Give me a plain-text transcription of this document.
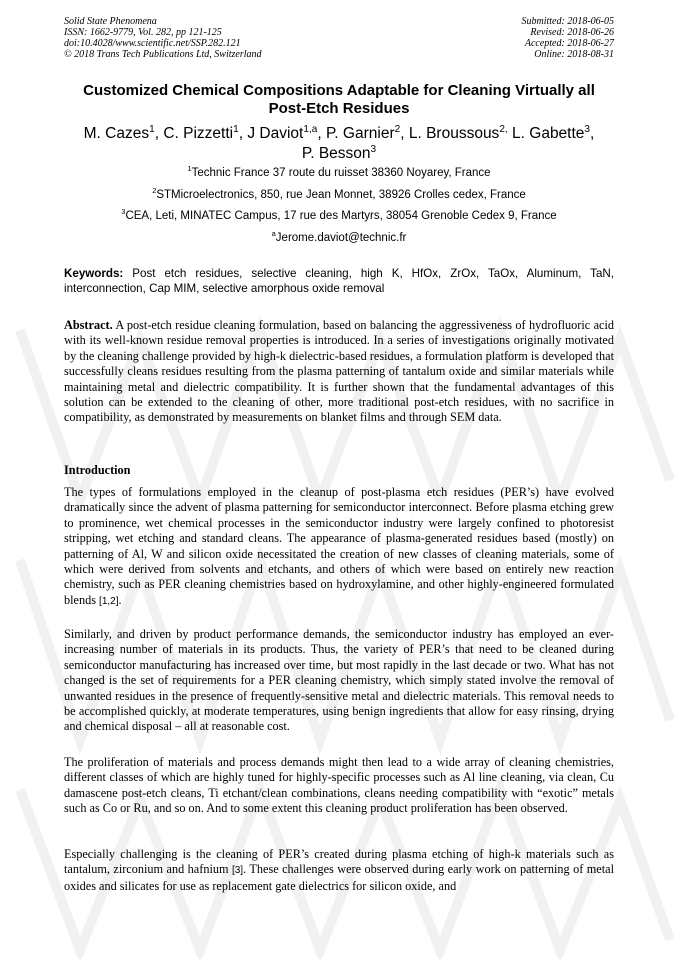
Solid State Phenomena
ISSN: 1662-9779, Vol. 282, pp 121-125
doi:10.4028/www.scientific.net/SSP.282.121
© 2018 Trans Tech Publications Ltd, Switzerland
Submitted: 2018-06-05
Revised: 2018-06-26
Accepted: 2018-06-27
Online: 2018-08-31
Customized Chemical Compositions Adaptable for Cleaning Virtually all Post-Etch Residues
M. Cazes$^1$, C. Pizzetti$^1$, J Daviot$^{1,a}$, P. Garnier$^2$, L. Broussous$^{2,}$ L. Gabette$^3$,
P. Besson$^3$
$^1$Technic France 37 route du ruisset 38360 Noyarey, France
$^2$STMicroelectronics, 850, rue Jean Monnet, 38926 Crolles cedex, France
$^3$CEA, Leti, MINATEC Campus, 17 rue des Martyrs, 38054 Grenoble Cedex 9, France
$^a$Jerome.daviot@technic.fr
Keywords: Post etch residues, selective cleaning, high K, HfOx, ZrOx, TaOx, Aluminum, TaN, interconnection, Cap MIM, selective amorphous oxide removal
Abstract. A post-etch residue cleaning formulation, based on balancing the aggressiveness of hydrofluoric acid with its well-known residue removal properties is introduced. In a series of investigations originally motivated by the cleaning challenge provided by high-k dielectric-based residues, a formulation platform is developed that successfully cleans residues resulting from the plasma patterning of tantalum oxide and similar materials while maintaining metal and dielectric compatibility. It is further shown that the fundamental advantages of this solution can be extended to the cleaning of other, more traditional post-etch residues, with no sacrifice in compatibility, as demonstrated by measurements on blanket films and through SEM data.
Introduction
The types of formulations employed in the cleanup of post-plasma etch residues (PER’s) have evolved dramatically since the advent of plasma patterning for semiconductor interconnect. Before plasma etching grew to prominence, wet chemical processes in the semiconductor industry were largely confined to photoresist stripping, wet etching and standard cleans. The appearance of plasma-generated residues based (mostly) on patterning of Al, W and silicon oxide necessitated the creation of new classes of cleaning materials, some of which were derived from solvents and etchants, and others of which were based on entirely new reaction chemistry, such as PER cleaning chemistries based on hydroxylamine, and other highly-engineered formulated blends [1,2].
Similarly, and driven by product performance demands, the semiconductor industry has employed an ever-increasing number of materials in its products. Thus, the variety of PER’s that need to be cleaned during semiconductor manufacturing has increased over time, but most rapidly in the last decade or two. What has not changed is the set of requirements for a PER cleaning chemistry, which simply stated involve the removal of unwanted residues in the presence of frequently-sensitive metal and dielectric materials. This removal needs to be accomplished quickly, at moderate temperatures, using benign ingredients that allow for easy rinsing, drying and chemical disposal – all at reasonable cost.
The proliferation of materials and process demands might then lead to a wide array of cleaning chemistries, different classes of which are highly tuned for highly-specific processes such as Al line cleaning, via clean, Cu damascene post-etch cleans, Ti etchant/clean combinations, cleans needing compatibility with “exotic” metals such as Co or Ru, and so on. And to some extent this cleaning product proliferation has been observed.
Especially challenging is the cleaning of PER’s created during plasma etching of high-k materials such as tantalum, zirconium and hafnium [3]. These challenges were observed during early work on patterning of metal oxides and silicates for use as replacement gate dielectrics for silicon oxide, and
